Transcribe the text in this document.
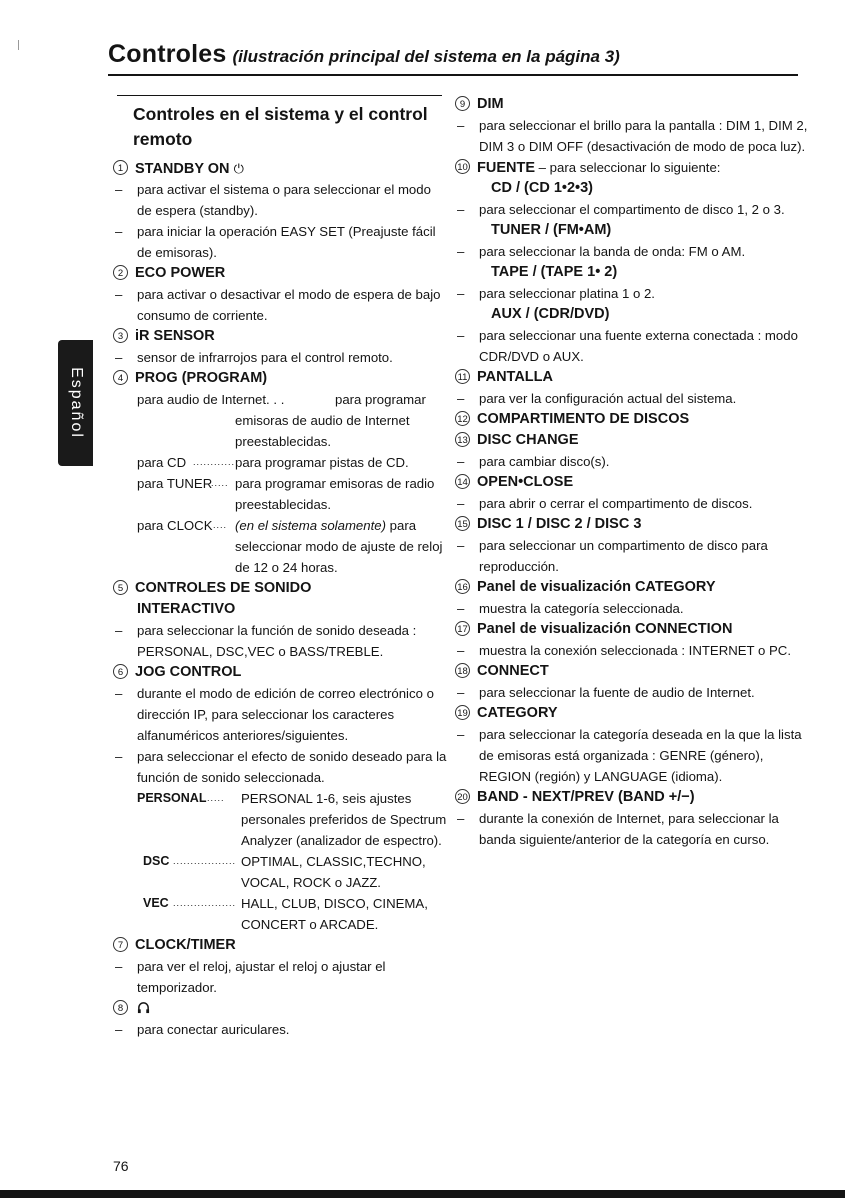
Controles (ilustración principal del sistema en la página 3)
Español
Controles en el sistema y el control remoto
1 STANDBY ON ⏻
– para activar el sistema o para seleccionar el modo de espera (standby).
– para iniciar la operación EASY SET (Preajuste fácil de emisoras).
2 ECO POWER
– para activar o desactivar el modo de espera de bajo consumo de corriente.
3 iR SENSOR
– sensor de infrarrojos para el control remoto.
4 PROG (PROGRAM)
para audio de Internet. . .	para programar emisoras de audio de Internet preestablecidas.
para CD ............ para programar pistas de CD.
para TUNER
..... para programar emisoras de radio preestablecidas.
para CLOCK .... (en el sistema solamente) para seleccionar modo de ajuste de reloj de 12 o 24 horas.
5 CONTROLES DE SONIDO
INTERACTIVO
– para seleccionar la función de sonido deseada : PERSONAL, DSC,VEC o BASS/TREBLE.
6 JOG CONTROL
– durante el modo de edición de correo electrónico o dirección IP, para seleccionar los caracteres alfanuméricos anteriores/siguientes.
– para seleccionar el efecto de sonido deseado para la función de sonido seleccionada.
PERSONAL .....	PERSONAL 1-6, seis ajustes personales preferidos de Spectrum Analyzer (analizador de espectro).
DSC .................. OPTIMAL, CLASSIC,TECHNO, VOCAL, ROCK o JAZZ.
VEC .................. HALL, CLUB, DISCO, CINEMA, CONCERT o ARCADE.
7 CLOCK/TIMER
– para ver el reloj, ajustar el reloj o ajustar el temporizador.
8
– para conectar auriculares.
9 DIM
– para seleccionar el brillo para la pantalla : DIM 1, DIM 2, DIM 3 o DIM OFF (desactivación de modo de poca luz).
10 FUENTE – para seleccionar lo siguiente:
CD / (CD 1•2•3)
– para seleccionar el compartimento de disco 1, 2 o 3.
TUNER / (FM•AM)
– para seleccionar la banda de onda: FM o AM.
TAPE / (TAPE 1• 2)
– para seleccionar platina 1 o 2.
AUX / (CDR/DVD)
– para seleccionar una fuente externa conectada : modo CDR/DVD o AUX.
11 PANTALLA
– para ver la configuración actual del sistema.
12 COMPARTIMENTO DE DISCOS
13 DISC CHANGE
– para cambiar disco(s).
14 OPEN•CLOSE
– para abrir o cerrar el compartimento de discos.
15 DISC 1 / DISC 2 / DISC 3
– para seleccionar un compartimento de disco para reproducción.
16 Panel de visualización CATEGORY
– muestra la categoría seleccionada.
17 Panel de visualización CONNECTION
– muestra la conexión seleccionada : INTERNET o PC.
18 CONNECT
– para seleccionar la fuente de audio de Internet.
19 CATEGORY
– para seleccionar la categoría deseada en la que la lista de emisoras está organizada : GENRE (género), REGION (región) y LANGUAGE (idioma).
20 BAND - NEXT/PREV (BAND +/−)
– durante la conexión de Internet, para seleccionar la banda siguiente/anterior de la categoría en curso.
76
